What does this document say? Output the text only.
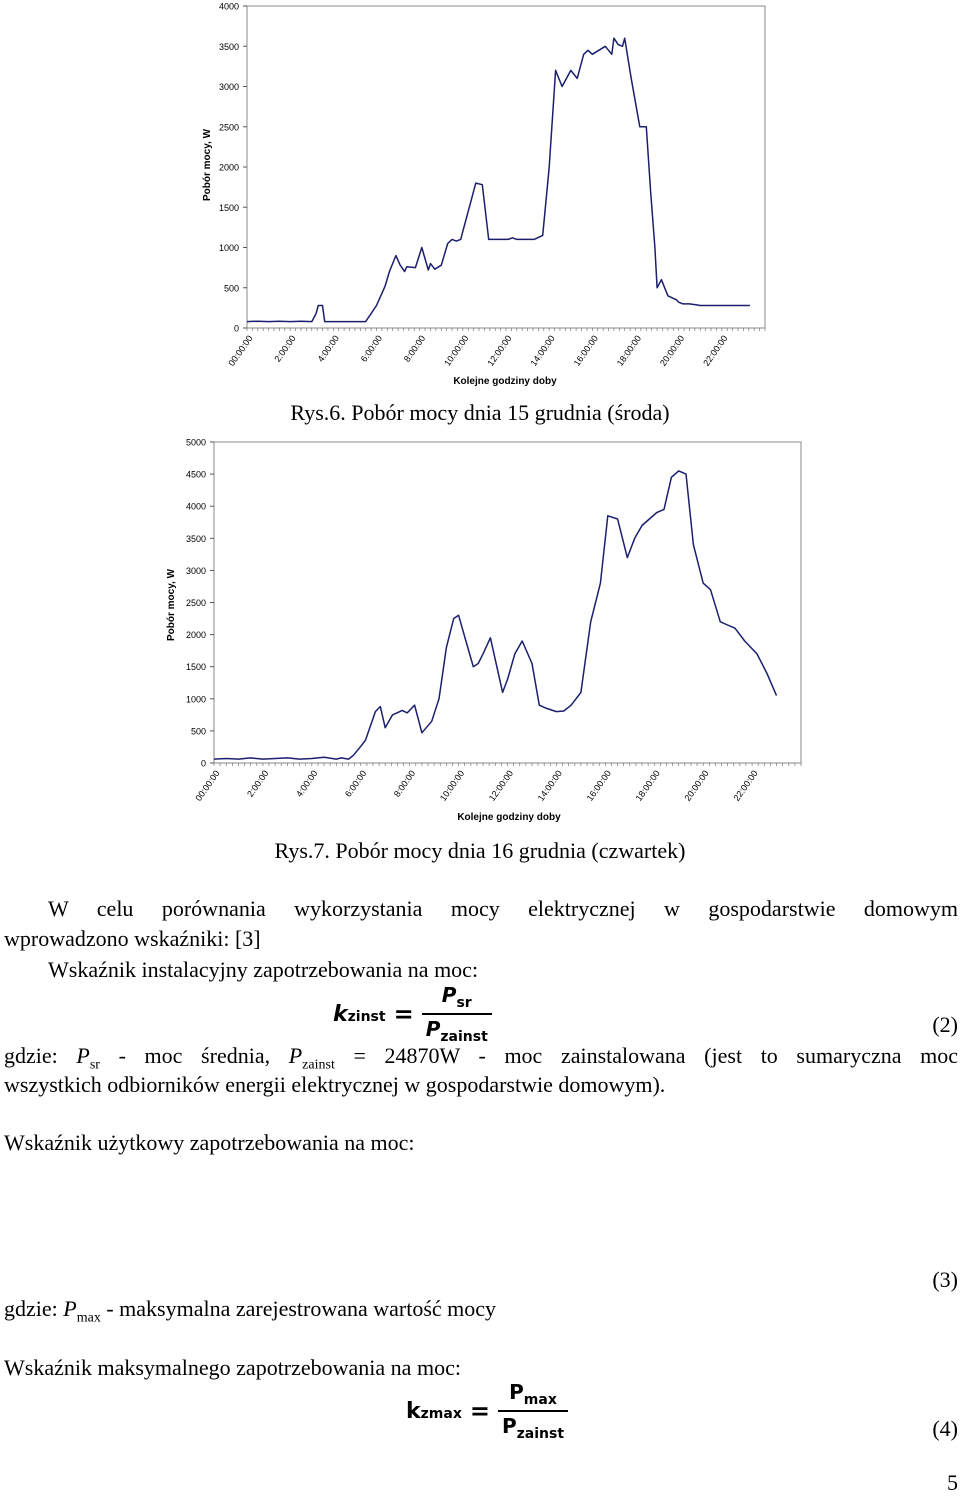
Pobór mocy, W
Kolejne godziny doby
0
500
1000
1500
2000
2500
3000
3500
4000
00:00:00 2:00:00 4:00:00 6:00:00 8:00:00 10:00:00 12:00:00 14:00:00 16:00:00 18:00:00 20:00:00 22:00:00
Rys.6. Pobór mocy dnia 15 grudnia (środa)
Pobór mocy, W
Kolejne godziny doby
0
500
1000
1500
2000
2500
3000
3500
4000
4500
5000
00:00:00	2:00:00	4:00:00	6:00:00	8:00:00 10:00:00 12:00:00 14:00:00 16:00:00 18:00:00 20:00:00 22:00:00
Rys.7. Pobór mocy dnia 16 grudnia (czwartek)
W celu porównania wykorzystania mocy elektrycznej w gospodarstwie domowym
wprowadzono wskaźniki: [3]
Wskaźnik instalacyjny zapotrzebowania na moc:
k zinst = $\frac{P_{sr}}{P_{zainst}}$	(2)
gdzie: $P_{sr}$ - moc średnia, $P_{zainst} = 24870W$ - moc zainstalowana (jest to sumaryczna moc
wszystkich odbiorników energii elektrycznej w gospodarstwie domowym).
Wskaźnik użytkowy zapotrzebowania na moc:
(3)
gdzie: $P_{max}$ - maksymalna zarejestrowana wartość mocy
Wskaźnik maksymalnego zapotrzebowania na moc:
k $zmax = \frac{P_{max}}{P_{zainst}}$	(4)
5
